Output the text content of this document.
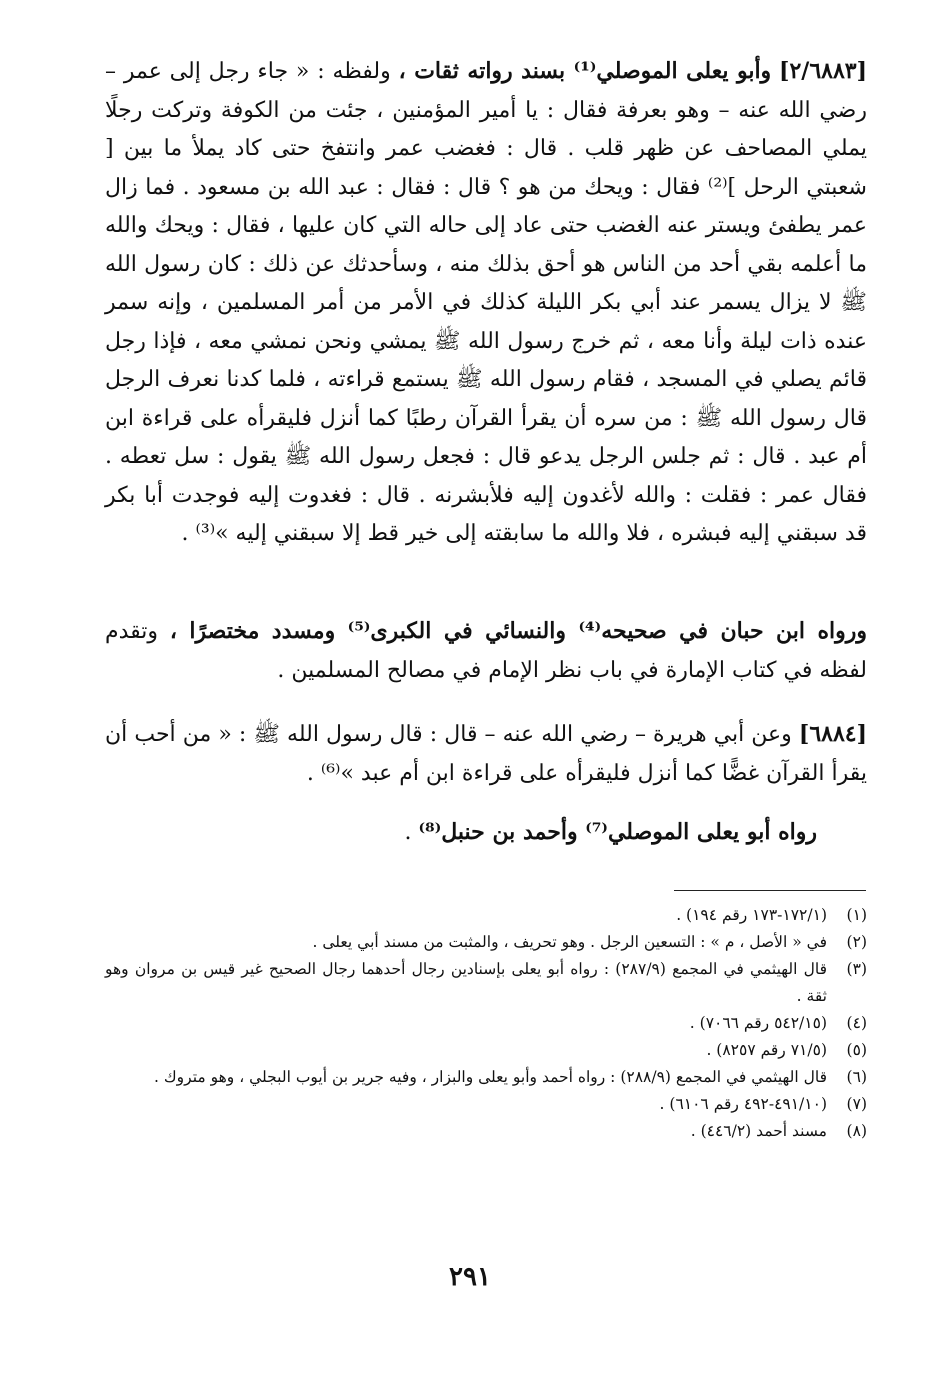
[٢/٦٨٨٣] وأبو يعلى الموصلي⁽¹⁾ بسند رواته ثقات ، ولفظه : « جاء رجل إلى عمر – رضي الله عنه – وهو بعرفة فقال : يا أمير المؤمنين ، جئت من الكوفة وتركت رجلًا يملي المصاحف عن ظهر قلب . قال : فغضب عمر وانتفخ حتى كاد يملأ ما بين [ شعبتي الرحل ]⁽²⁾ فقال : ويحك من هو ؟ قال : فقال : عبد الله بن مسعود . فما زال عمر يطفئ ويستر عنه الغضب حتى عاد إلى حاله التي كان عليها ، فقال : ويحك والله ما أعلمه بقي أحد من الناس هو أحق بذلك منه ، وسأحدثك عن ذلك : كان رسول الله ﷺ لا يزال يسمر عند أبي بكر الليلة كذلك في الأمر من أمر المسلمين ، وإنه سمر عنده ذات ليلة وأنا معه ، ثم خرج رسول الله ﷺ يمشي ونحن نمشي معه ، فإذا رجل قائم يصلي في المسجد ، فقام رسول الله ﷺ يستمع قراءته ، فلما كدنا نعرف الرجل قال رسول الله ﷺ : من سره أن يقرأ القرآن رطبًا كما أنزل فليقرأه على قراءة ابن أم عبد . قال : ثم جلس الرجل يدعو قال : فجعل رسول الله ﷺ يقول : سل تعطه . فقال عمر : فقلت : والله لأغدون إليه فلأبشرنه . قال : فغدوت إليه فوجدت أبا بكر قد سبقني إليه فبشره ، فلا والله ما سابقته إلى خير قط إلا سبقني إليه »⁽³⁾ .

ورواه ابن حبان في صحيحه⁽⁴⁾ والنسائي في الكبرى⁽⁵⁾ ومسدد مختصرًا ، وتقدم لفظه في كتاب الإمارة في باب نظر الإمام في مصالح المسلمين .

[٦٨٨٤] وعن أبي هريرة – رضي الله عنه – قال : قال رسول الله ﷺ : « من أحب أن يقرأ القرآن غضًّا كما أنزل فليقرأه على قراءة ابن أم عبد »⁽⁶⁾ .

رواه أبو يعلى الموصلي⁽⁷⁾ وأحمد بن حنبل⁽⁸⁾ .

(١)
(١٧٢/١-١٧٣ رقم ١٩٤) .
(٢)
في « الأصل ، م » : التسعين الرجل . وهو تحريف ، والمثبت من مسند أبي يعلى .
(٣)
قال الهيثمي في المجمع (٢٨٧/٩) : رواه أبو يعلى بإسنادين رجال أحدهما رجال الصحيح غير قيس بن مروان وهو ثقة .
(٤)
(٥٤٢/١٥ رقم ٧٠٦٦) .
(٥)
(٧١/٥ رقم ٨٢٥٧) .
(٦)
قال الهيثمي في المجمع (٢٨٨/٩) : رواه أحمد وأبو يعلى والبزار ، وفيه جرير بن أيوب البجلي ، وهو متروك .
(٧)
(٤٩١/١٠-٤٩٢ رقم ٦١٠٦) .
(٨)
مسند أحمد (٤٤٦/٢) .
٢٩١
